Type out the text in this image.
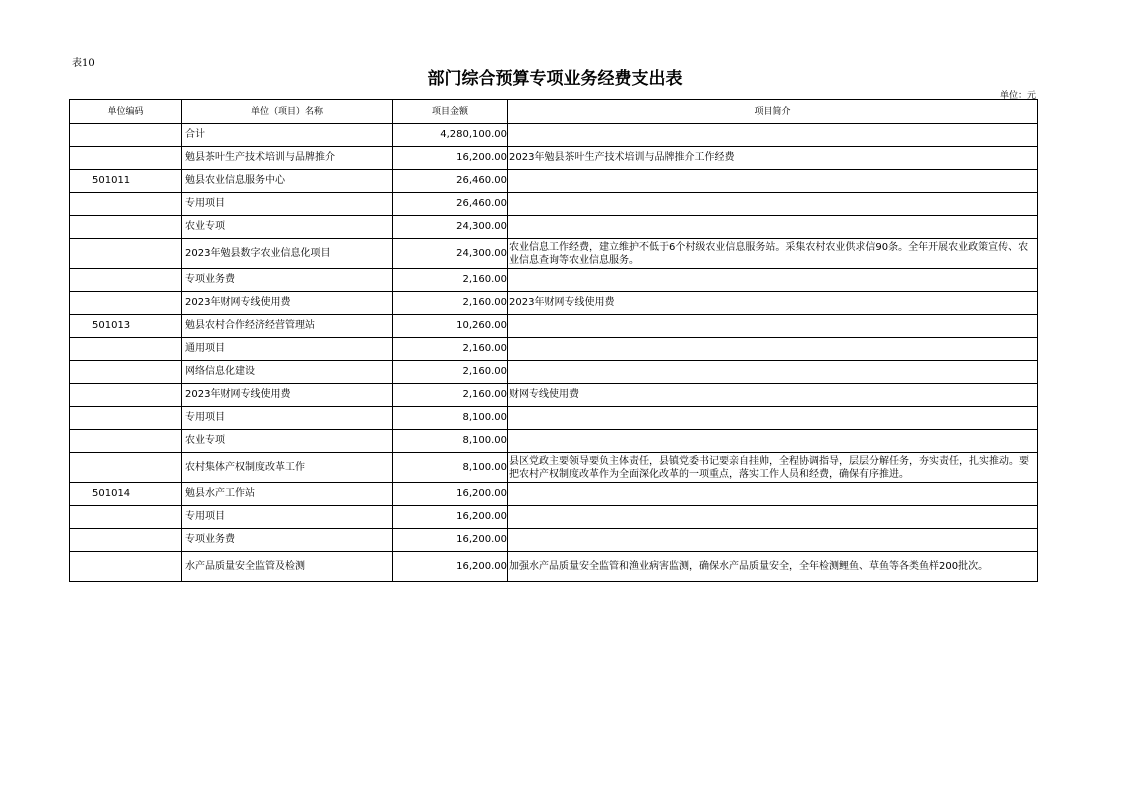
表10
部门综合预算专项业务经费支出表
单位：元
单位编码	单位（项目）名称	项目金额	项目简介
	合计	4,280,100.00	
	勉县茶叶生产技术培训与品牌推介	16,200.00	2023年勉县茶叶生产技术培训与品牌推介工作经费
501011	勉县农业信息服务中心	26,460.00	
	专用项目	26,460.00	
	农业专项	24,300.00	
	2023年勉县数字农业信息化项目	24,300.00	农业信息工作经费，建立维护不低于6个村级农业信息服务站。采集农村农业供求信90条。全年开展农业政策宣传、农业信息查询等农业信息服务。
	专项业务费	2,160.00	
	2023年财网专线使用费	2,160.00	2023年财网专线使用费
501013	勉县农村合作经济经营管理站	10,260.00	
	通用项目	2,160.00	
	网络信息化建设	2,160.00	
	2023年财网专线使用费	2,160.00	财网专线使用费
	专用项目	8,100.00	
	农业专项	8,100.00	
	农村集体产权制度改革工作	8,100.00	县区党政主要领导要负主体责任，县镇党委书记要亲自挂帅，全程协调指导，层层分解任务，夯实责任，扎实推动。要把农村产权制度改革作为全面深化改革的一项重点，落实工作人员和经费，确保有序推进。
501014	勉县水产工作站	16,200.00	
	专用项目	16,200.00	
	专项业务费	16,200.00	
	水产品质量安全监管及检测	16,200.00	加强水产品质量安全监管和渔业病害监测，确保水产品质量安全，全年检测鲤鱼、草鱼等各类鱼样200批次。
